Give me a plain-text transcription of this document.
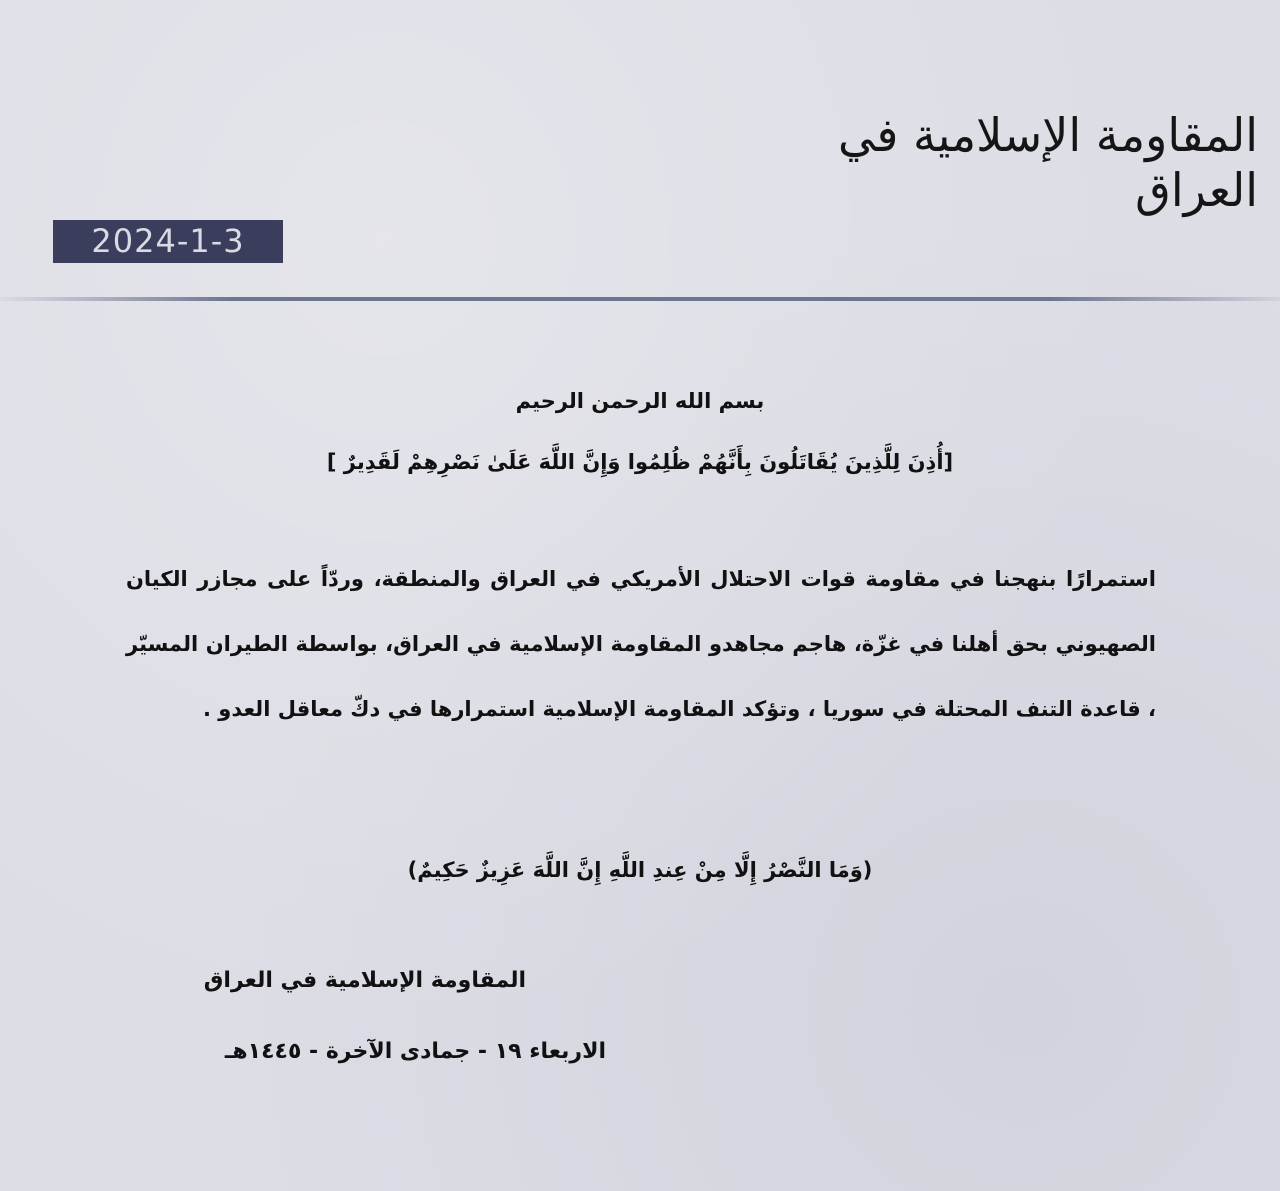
المقاومة الإسلامية في العراق
2024-1-3
بسم الله الرحمن الرحيم
[أُذِنَ لِلَّذِينَ يُقَاتَلُونَ بِأَنَّهُمْ ظُلِمُوا وَإِنَّ اللَّهَ عَلَىٰ نَصْرِهِمْ لَقَدِيرٌ ]
استمرارًا بنهجنا في مقاومة قوات الاحتلال الأمريكي في العراق والمنطقة، وردّاً على مجازر الكيان الصهيوني بحق أهلنا في غزّة، هاجم مجاهدو المقاومة الإسلامية في العراق، بواسطة الطيران المسيّر ، قاعدة التنف المحتلة في سوريا ، وتؤكد المقاومة الإسلامية استمرارها في دكّ معاقل العدو .
(وَمَا النَّصْرُ إِلَّا مِنْ عِندِ اللَّهِ إِنَّ اللَّهَ عَزِيزٌ حَكِيمٌ)
المقاومة الإسلامية في العراق
الاربعاء ١٩ - جمادى الآخرة - ١٤٤٥هـ
